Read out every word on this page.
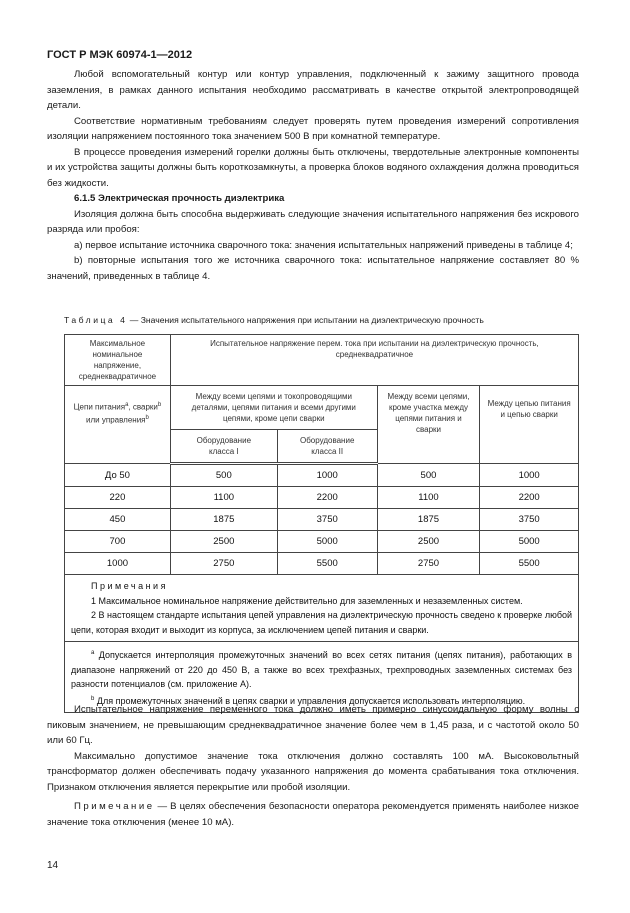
ГОСТ Р МЭК 60974-1—2012

Любой вспомогательный контур или контур управления, подключенный к зажиму защитного провода заземления, в рамках данного испытания необходимо рассматривать в качестве открытой электропроводящей детали.

Соответствие нормативным требованиям следует проверять путем проведения измерений сопротивления изоляции напряжением постоянного тока значением 500 В при комнатной температуре.

В процессе проведения измерений горелки должны быть отключены, твердотельные электронные компоненты и их устройства защиты должны быть короткозамкнуты, а проверка блоков водяного охлаждения должна проводиться без жидкости.

6.1.5 Электрическая прочность диэлектрика

Изоляция должна быть способна выдерживать следующие значения испытательного напряжения без искрового разряда или пробоя:

a) первое испытание источника сварочного тока: значения испытательных напряжений приведены в таблице 4;

b) повторные испытания того же источника сварочного тока: испытательное напряжение составляет 80 % значений, приведенных в таблице 4.

Таблица 4 — Значения испытательного напряжения при испытании на диэлектрическую прочность
Максимальное номинальное напряжение, среднеквадратичное	Испытательное напряжение перем. тока при испытании на диэлектрическую прочность, среднеквадратичное			
Цепи питания$^a$, сварки$^b$ или управления$^b$	Между всеми цепями и токопроводящими деталями, цепями питания и всеми другими цепями, кроме цепи сварки		Между всеми цепями, кроме участка между цепями питания и сварки	Между цепью питания и цепью сварки
	Оборудование класса I	Оборудование класса II		
До 50	500	1000	500	1000
220	1100	2200	1100	2200
450	1875	3750	1875	3750
700	2500	5000	2500	5000
1000	2750	5500	2750	5500

Примечания

1 Максимальное номинальное напряжение действительно для заземленных и незаземленных систем.

2 В настоящем стандарте испытания цепей управления на диэлектрическую прочность сведено к проверке любой цепи, которая входит и выходит из корпуса, за исключением цепей питания и сварки.				

$^a$ Допускается интерполяция промежуточных значений во всех сетях питания (цепях питания), работающих в диапазоне напряжений от 220 до 450 В, а также во всех трехфазных, трехпроводных заземленных системах без разности потенциалов (см. приложение А).

$^b$ Для промежуточных значений в цепях сварки и управления допускается использовать интерполяцию.				

Испытательное напряжение переменного тока должно иметь примерно синусоидальную форму волны с пиковым значением, не превышающим среднеквадратичное значение более чем в 1,45 раза, и с частотой около 50 или 60 Гц.

Максимально допустимое значение тока отключения должно составлять 100 мА. Высоковольтный трансформатор должен обеспечивать подачу указанного напряжения до момента срабатывания тока отключения. Признаком отключения является перекрытие или пробой изоляции.

Примечание — В целях обеспечения безопасности оператора рекомендуется применять наиболее низкое значение тока отключения (менее 10 мА).

14
